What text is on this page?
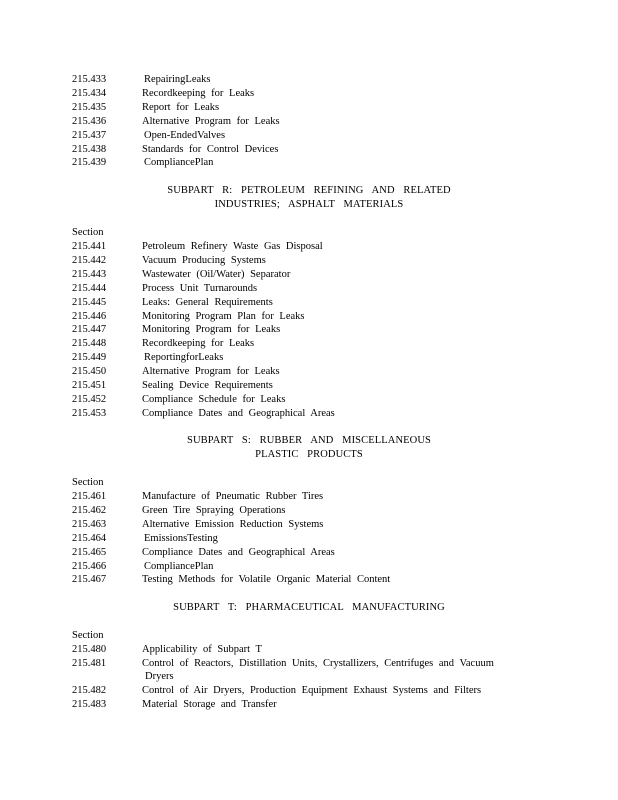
215.433	RepairingLeaks
215.434	Recordkeeping for Leaks
215.435	Report for Leaks
215.436	Alternative Program for Leaks
215.437	Open-EndedValves
215.438	Standards for Control Devices
215.439	CompliancePlan
SUBPART R: PETROLEUM REFINING AND RELATED
INDUSTRIES; ASPHALT MATERIALS
Section
215.441	Petroleum Refinery Waste Gas Disposal
215.442	Vacuum Producing Systems
215.443	Wastewater (Oil/Water) Separator
215.444	Process Unit Turnarounds
215.445	Leaks: General Requirements
215.446	Monitoring Program Plan for Leaks
215.447	Monitoring Program for Leaks
215.448	Recordkeeping for Leaks
215.449	ReportingforLeaks
215.450	Alternative Program for Leaks
215.451	Sealing Device Requirements
215.452	Compliance Schedule for Leaks
215.453	Compliance Dates and Geographical Areas
SUBPART S: RUBBER AND MISCELLANEOUS
PLASTIC PRODUCTS
Section
215.461	Manufacture of Pneumatic Rubber Tires
215.462	Green Tire Spraying Operations
215.463	Alternative Emission Reduction Systems
215.464	EmissionsTesting
215.465	Compliance Dates and Geographical Areas
215.466	CompliancePlan
215.467	Testing Methods for Volatile Organic Material Content
SUBPART T: PHARMACEUTICAL MANUFACTURING
Section
215.480	Applicability of Subpart T
215.481	Control of Reactors, Distillation Units, Crystallizers, Centrifuges and Vacuum
Dryers
215.482	Control of Air Dryers, Production Equipment Exhaust Systems and Filters
215.483	Material Storage and Transfer
